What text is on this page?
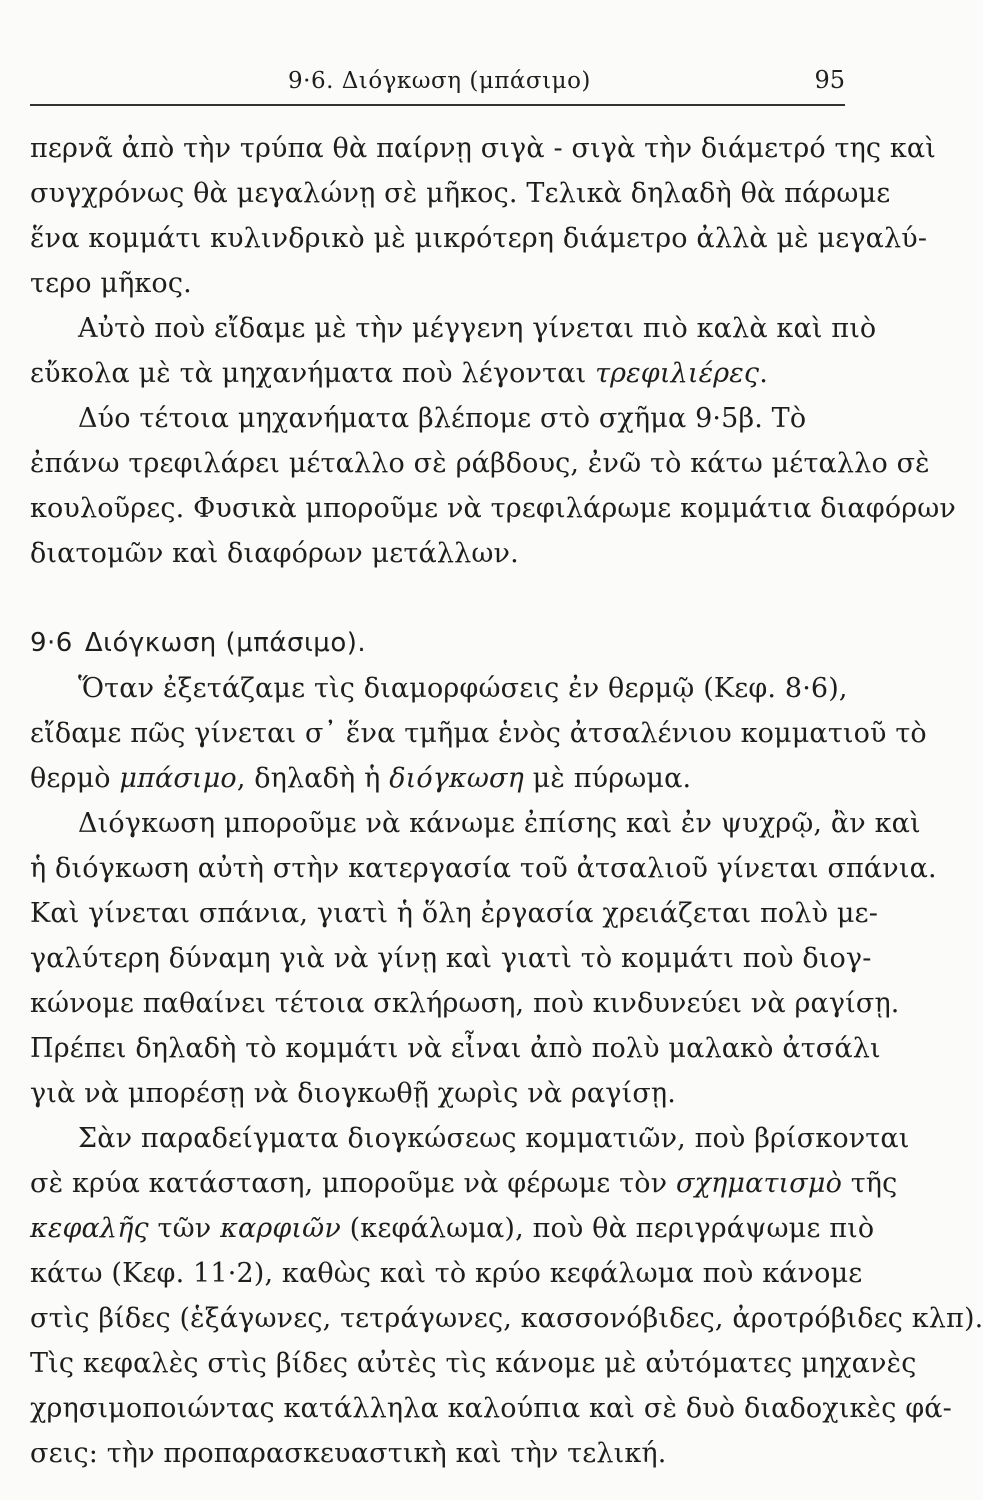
9·6. Διόγκωση (μπάσιμο)	95
περνᾶ ἀπὸ τὴν τρύπα θὰ παίρνῃ σιγὰ - σιγὰ τὴν διάμετρό της καὶ
συγχρόνως θὰ μεγαλώνῃ σὲ μῆκος. Τελικὰ δηλαδὴ θὰ πάρωμε
ἕνα κομμάτι κυλινδρικὸ μὲ μικρότερη διάμετρο ἀλλὰ μὲ μεγαλύ-
τερο μῆκος.
Αὐτὸ ποὺ εἴδαμε μὲ τὴν μέγγενη γίνεται πιὸ καλὰ καὶ πιὸ
εὔκολα μὲ τὰ μηχανήματα ποὺ λέγονται τρεφιλιέρες.
Δύο τέτοια μηχανήματα βλέπομε στὸ σχῆμα 9·5β. Τὸ
ἐπάνω τρεφιλάρει μέταλλο σὲ ράβδους, ἐνῶ τὸ κάτω μέταλλο σὲ
κουλοῦρες. Φυσικὰ μποροῦμε νὰ τρεφιλάρωμε κομμάτια διαφόρων
διατομῶν καὶ διαφόρων μετάλλων.
9·6 Διόγκωση (μπάσιμο).
Ὅταν ἐξετάζαμε τὶς διαμορφώσεις ἐν θερμῷ (Κεφ. 8·6),
εἴδαμε πῶς γίνεται σ᾽ ἕνα τμῆμα ἑνὸς ἀτσαλένιου κομματιοῦ τὸ
θερμὸ μπάσιμο, δηλαδὴ ἡ διόγκωση μὲ πύρωμα.
Διόγκωση μποροῦμε νὰ κάνωμε ἐπίσης καὶ ἐν ψυχρῷ, ἂν καὶ
ἡ διόγκωση αὐτὴ στὴν κατεργασία τοῦ ἀτσαλιοῦ γίνεται σπάνια.
Καὶ γίνεται σπάνια, γιατὶ ἡ ὅλη ἐργασία χρειάζεται πολὺ με-
γαλύτερη δύναμη γιὰ νὰ γίνῃ καὶ γιατὶ τὸ κομμάτι ποὺ διογ-
κώνομε παθαίνει τέτοια σκλήρωση, ποὺ κινδυνεύει νὰ ραγίσῃ.
Πρέπει δηλαδὴ τὸ κομμάτι νὰ εἶναι ἀπὸ πολὺ μαλακὸ ἀτσάλι
γιὰ νὰ μπορέσῃ νὰ διογκωθῇ χωρὶς νὰ ραγίσῃ.
Σὰν παραδείγματα διογκώσεως κομματιῶν, ποὺ βρίσκονται
σὲ κρύα κατάσταση, μποροῦμε νὰ φέρωμε τὸν σχηματισμὸ τῆς
κεφαλῆς τῶν καρφιῶν (κεφάλωμα), ποὺ θὰ περιγράψωμε πιὸ
κάτω (Κεφ. 11·2), καθὼς καὶ τὸ κρύο κεφάλωμα ποὺ κάνομε
στὶς βίδες (ἑξάγωνες, τετράγωνες, κασσονόβιδες, ἀροτρόβιδες κλπ).
Τὶς κεφαλὲς στὶς βίδες αὐτὲς τὶς κάνομε μὲ αὐτόματες μηχανὲς
χρησιμοποιώντας κατάλληλα καλούπια καὶ σὲ δυὸ διαδοχικὲς φά-
σεις: τὴν προπαρασκευαστικὴ καὶ τὴν τελική.
